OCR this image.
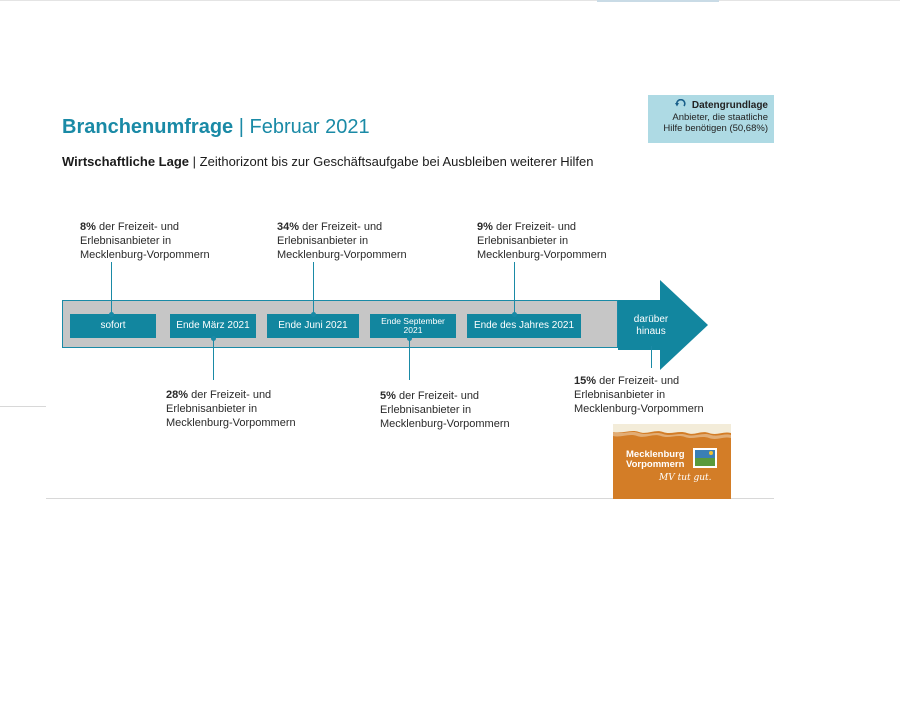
Branchenumfrage | Februar 2021
Wirtschaftliche Lage | Zeithorizont bis zur Geschäftsaufgabe bei Ausbleiben weiterer Hilfen
Datengrundlage
Anbieter, die staatliche
Hilfe benötigen (50,68%)
sofort	Ende März 2021	Ende Juni 2021	Ende September
2021	Ende des Jahres 2021
darüber
hinaus
8% der Freizeit- und
Erlebnisanbieter in
Mecklenburg-Vorpommern
28% der Freizeit- und
Erlebnisanbieter in
Mecklenburg-Vorpommern
34% der Freizeit- und
Erlebnisanbieter in
Mecklenburg-Vorpommern
5% der Freizeit- und
Erlebnisanbieter in
Mecklenburg-Vorpommern
9% der Freizeit- und
Erlebnisanbieter in
Mecklenburg-Vorpommern
15% der Freizeit- und
Erlebnisanbieter in
Mecklenburg-Vorpommern
Mecklenburg
Vorpommern
MV tut gut.
